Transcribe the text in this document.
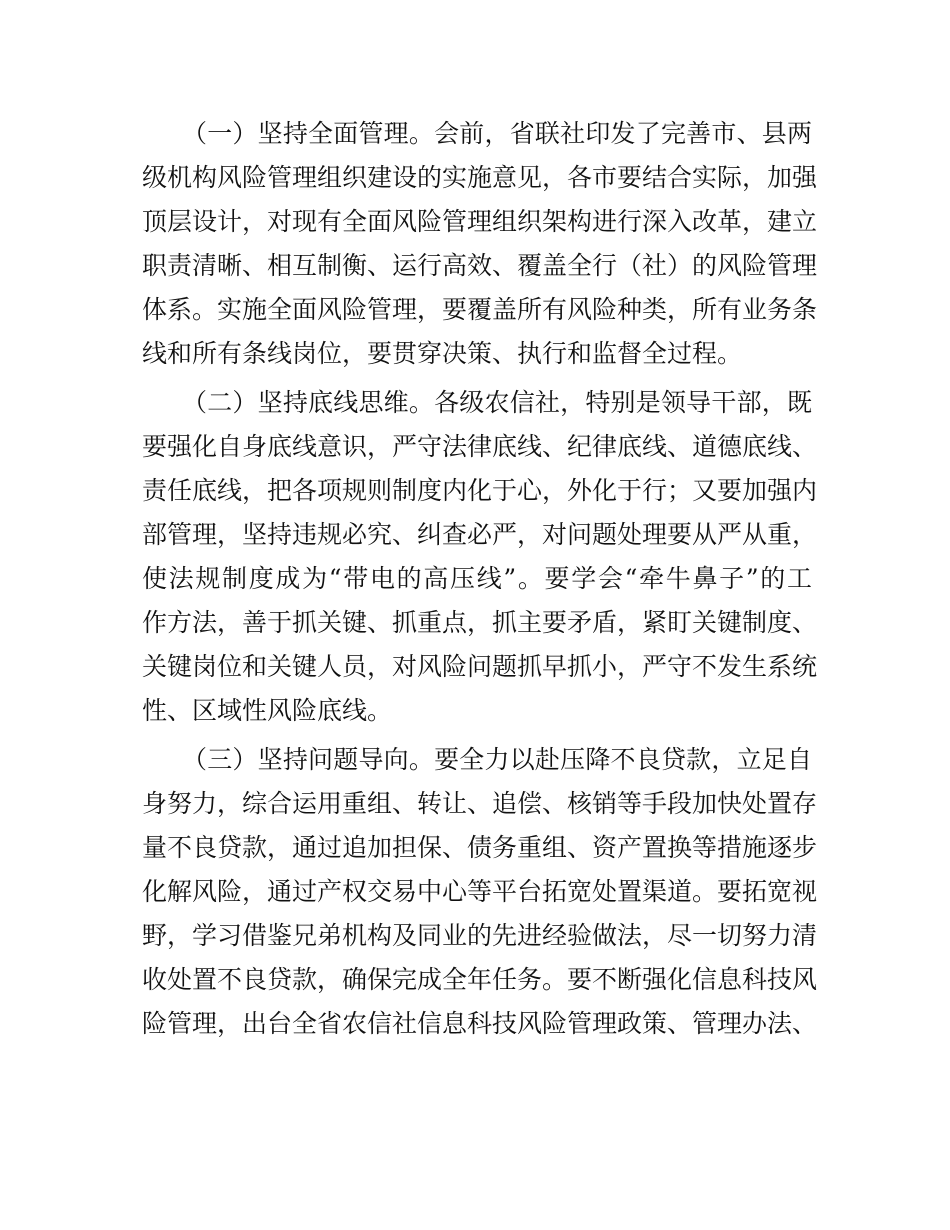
（一）坚持全面管理。会前，省联社印发了完善市、县两
级机构风险管理组织建设的实施意见，各市要结合实际，加强
顶层设计，对现有全面风险管理组织架构进行深入改革，建立
职责清晰、相互制衡、运行高效、覆盖全行（社）的风险管理
体系。实施全面风险管理，要覆盖所有风险种类，所有业务条
线和所有条线岗位，要贯穿决策、执行和监督全过程。
（二）坚持底线思维。各级农信社，特别是领导干部，既
要强化自身底线意识，严守法律底线、纪律底线、道德底线、
责任底线，把各项规则制度内化于心，外化于行；又要加强内
部管理，坚持违规必究、纠查必严，对问题处理要从严从重，
使法规制度成为“带电的高压线”。要学会“牵牛鼻子”的工
作方法，善于抓关键、抓重点，抓主要矛盾，紧盯关键制度、
关键岗位和关键人员，对风险问题抓早抓小，严守不发生系统
性、区域性风险底线。
（三）坚持问题导向。要全力以赴压降不良贷款，立足自
身努力，综合运用重组、转让、追偿、核销等手段加快处置存
量不良贷款，通过追加担保、债务重组、资产置换等措施逐步
化解风险，通过产权交易中心等平台拓宽处置渠道。要拓宽视
野，学习借鉴兄弟机构及同业的先进经验做法，尽一切努力清
收处置不良贷款，确保完成全年任务。要不断强化信息科技风
险管理，出台全省农信社信息科技风险管理政策、管理办法、
